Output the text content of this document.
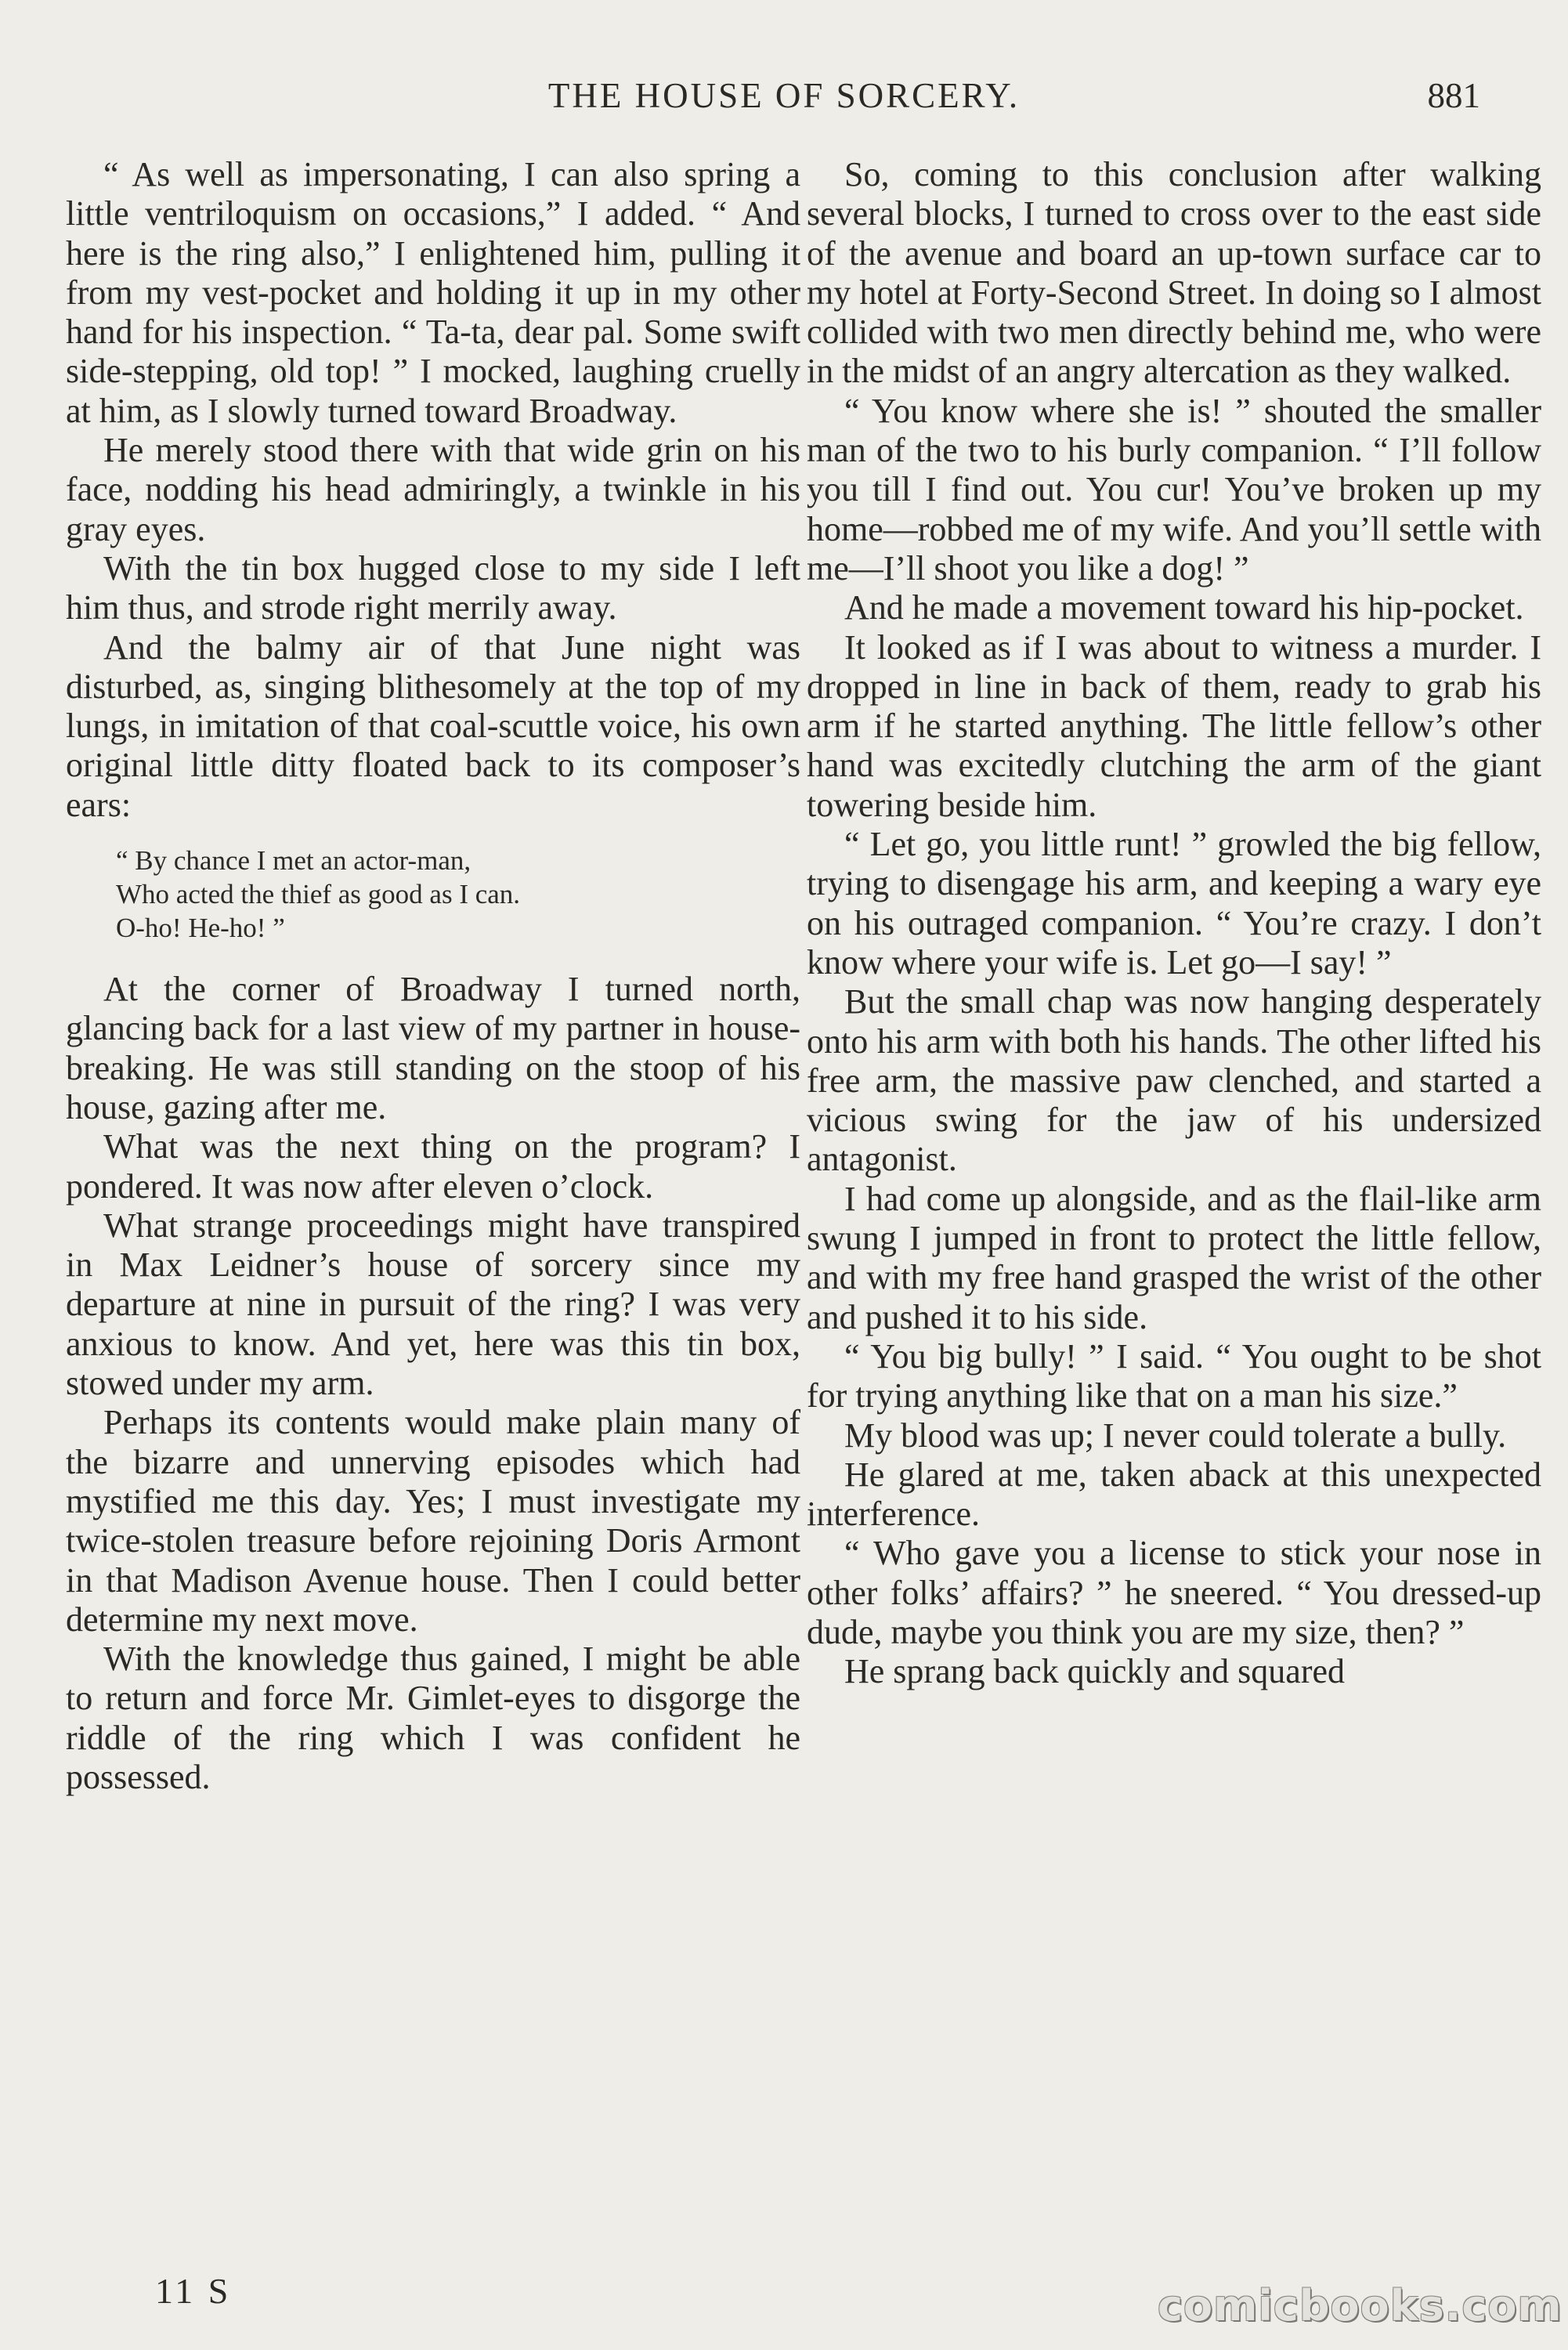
THE HOUSE OF SORCERY.	881

“ As well as impersonating, I can also spring a little ventriloquism on occasions,” I added. “ And here is the ring also,” I enlightened him, pulling it from my vest-pocket and holding it up in my other hand for his inspection. “ Ta-ta, dear pal. Some swift side-stepping, old top! ” I mocked, laughing cruelly at him, as I slowly turned toward Broadway.

He merely stood there with that wide grin on his face, nodding his head admiringly, a twinkle in his gray eyes.

With the tin box hugged close to my side I left him thus, and strode right merrily away.

And the balmy air of that June night was disturbed, as, singing blithesomely at the top of my lungs, in imitation of that coal-scuttle voice, his own original little ditty floated back to its composer’s ears:

“ By chance I met an actor-man,
Who acted the thief as good as I can.
O-ho! He-ho! ”

At the corner of Broadway I turned north, glancing back for a last view of my partner in house-breaking. He was still standing on the stoop of his house, gazing after me.

What was the next thing on the program? I pondered. It was now after eleven o’clock.

What strange proceedings might have transpired in Max Leidner’s house of sorcery since my departure at nine in pursuit of the ring? I was very anxious to know. And yet, here was this tin box, stowed under my arm.

Perhaps its contents would make plain many of the bizarre and unnerving episodes which had mystified me this day. Yes; I must investigate my twice-stolen treasure before rejoining Doris Armont in that Madison Avenue house. Then I could better determine my next move.

With the knowledge thus gained, I might be able to return and force Mr. Gimlet-eyes to disgorge the riddle of the ring which I was confident he possessed.

So, coming to this conclusion after walking several blocks, I turned to cross over to the east side of the avenue and board an up-town surface car to my hotel at Forty-Second Street. In doing so I almost collided with two men directly behind me, who were in the midst of an angry altercation as they walked.

“ You know where she is! ” shouted the smaller man of the two to his burly companion. “ I’ll follow you till I find out. You cur! You’ve broken up my home—robbed me of my wife. And you’ll settle with me—I’ll shoot you like a dog! ”

And he made a movement toward his hip-pocket.

It looked as if I was about to witness a murder. I dropped in line in back of them, ready to grab his arm if he started anything. The little fellow’s other hand was excitedly clutching the arm of the giant towering beside him.

“ Let go, you little runt! ” growled the big fellow, trying to disengage his arm, and keeping a wary eye on his outraged companion. “ You’re crazy. I don’t know where your wife is. Let go—I say! ”

But the small chap was now hanging desperately onto his arm with both his hands. The other lifted his free arm, the massive paw clenched, and started a vicious swing for the jaw of his undersized antagonist.

I had come up alongside, and as the flail-like arm swung I jumped in front to protect the little fellow, and with my free hand grasped the wrist of the other and pushed it to his side.

“ You big bully! ” I said. “ You ought to be shot for trying anything like that on a man his size.”

My blood was up; I never could tolerate a bully.

He glared at me, taken aback at this unexpected interference.

“ Who gave you a license to stick your nose in other folks’ affairs? ” he sneered. “ You dressed-up dude, maybe you think you are my size, then? ”

He sprang back quickly and squared

11 S	comicbooks.com
